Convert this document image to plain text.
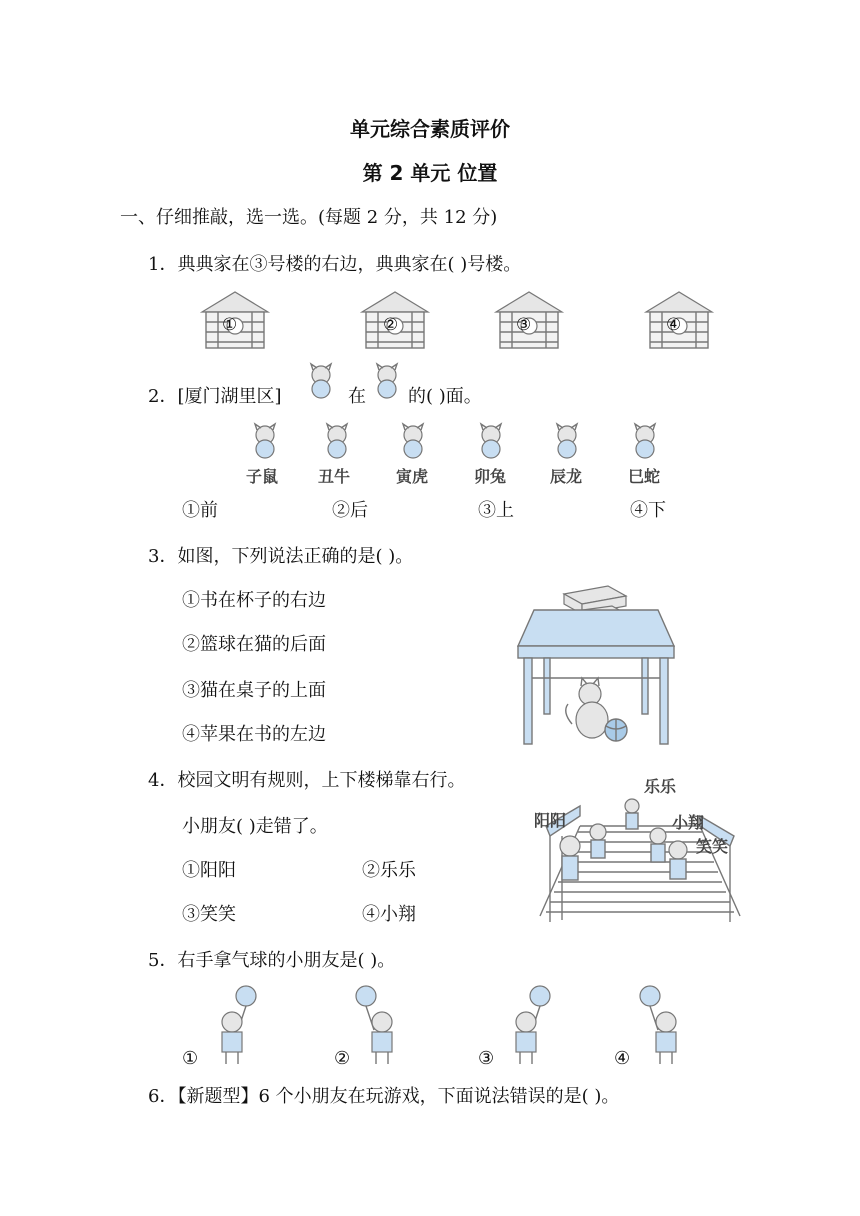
单元综合素质评价
第 2 单元 位置
一、仔细推敲，选一选。(每题 2 分，共 12 分)
1．典典家在③号楼的右边，典典家在( )号楼。
①	②	③	④
2．[厦门湖里区]	在 的( )面。
子鼠 丑牛	寅虎	卯兔	辰龙	巳蛇
①前	②后	③上	④下
3．如图，下列说法正确的是( )。
①书在杯子的右边
②篮球在猫的后面
③猫在桌子的上面
④苹果在书的左边
4．校园文明有规则，上下楼梯靠右行。
小朋友( )走错了。
①阳阳	②乐乐
③笑笑	④小翔
乐乐
阳阳	小翔
笑笑
5．右手拿气球的小朋友是( )。
①	②	③	④
6．【新题型】6 个小朋友在玩游戏，下面说法错误的是( )。
